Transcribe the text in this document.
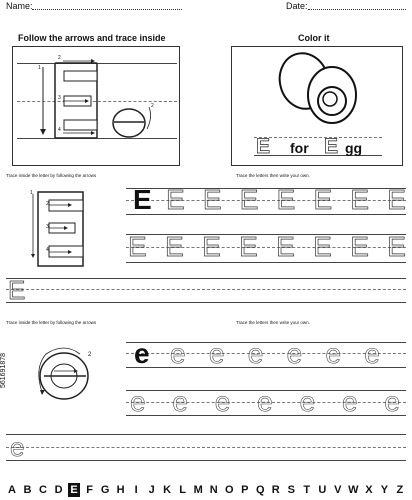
Name:	Date:
Follow the arrows and trace inside
2
1
3
4
2
Color it
E for E gg
Trace inside the letter by following the arrows	Trace the letters then write your own.
1
2
3
4
E E E E E E E E
E E E E E E E E
E
Trace inside the letter by following the arrows	Trace the letters then write your own.
2 e e e e e e e
e e e e e e e
e
A B C D E F G H I J K L M N O P Q R S T U V W X Y Z
561691878
